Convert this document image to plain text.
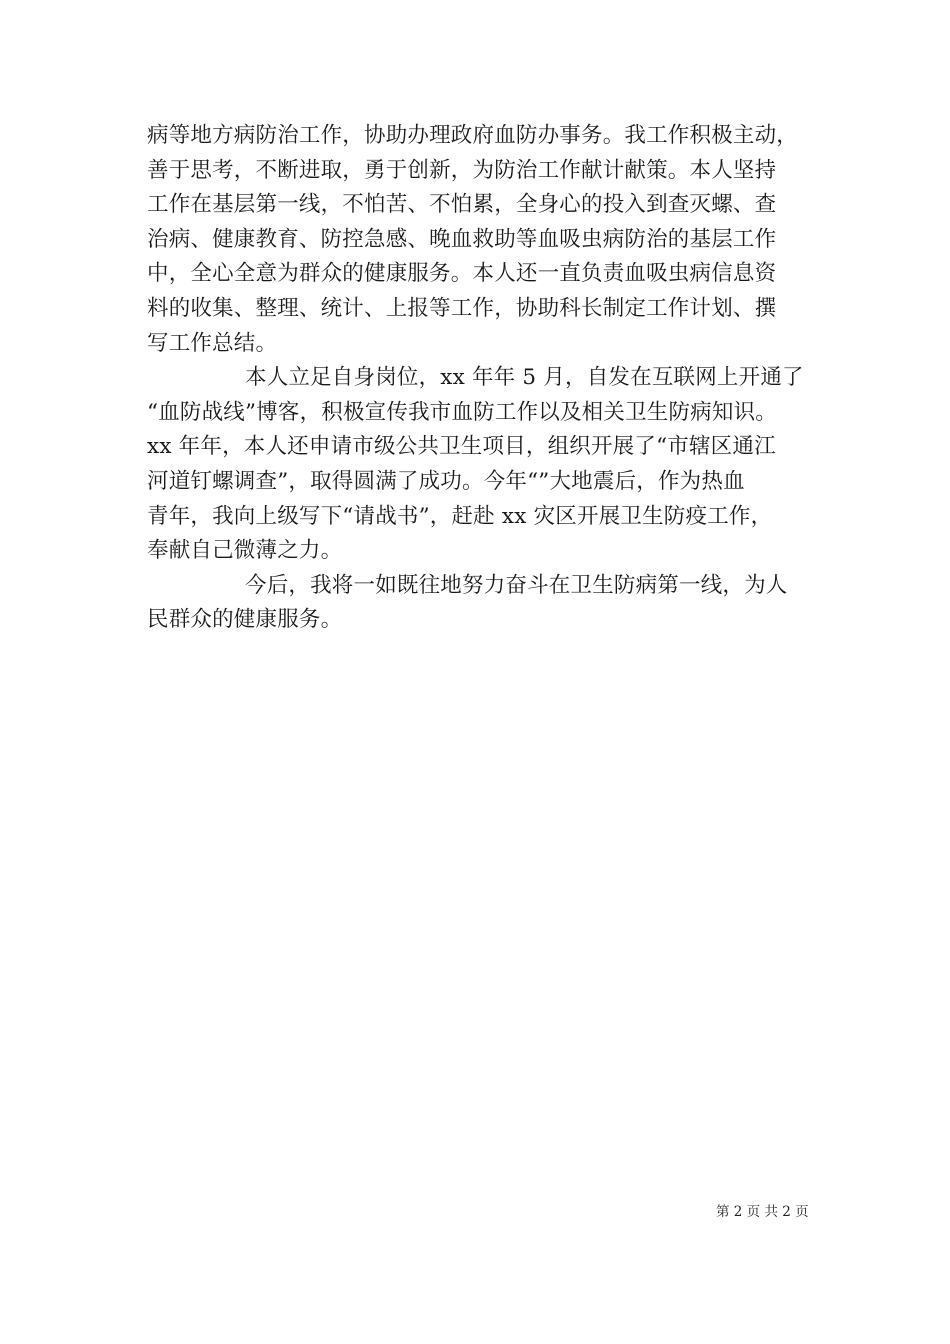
病等地方病防治工作，协助办理政府血防办事务。我工作积极主动，
善于思考，不断进取，勇于创新，为防治工作献计献策。本人坚持
工作在基层第一线，不怕苦、不怕累，全身心的投入到查灭螺、查
治病、健康教育、防控急感、晚血救助等血吸虫病防治的基层工作
中，全心全意为群众的健康服务。本人还一直负责血吸虫病信息资
料的收集、整理、统计、上报等工作，协助科长制定工作计划、撰
写工作总结。

本人立足自身岗位，xx 年年 5 月，自发在互联网上开通了
“血防战线”博客，积极宣传我市血防工作以及相关卫生防病知识。
xx 年年，本人还申请市级公共卫生项目，组织开展了“市辖区通江
河道钉螺调查”，取得圆满了成功。今年“”大地震后，作为热血
青年，我向上级写下“请战书”，赶赴 xx 灾区开展卫生防疫工作，
奉献自己微薄之力。

今后，我将一如既往地努力奋斗在卫生防病第一线，为人
民群众的健康服务。

第 2 页 共 2 页
